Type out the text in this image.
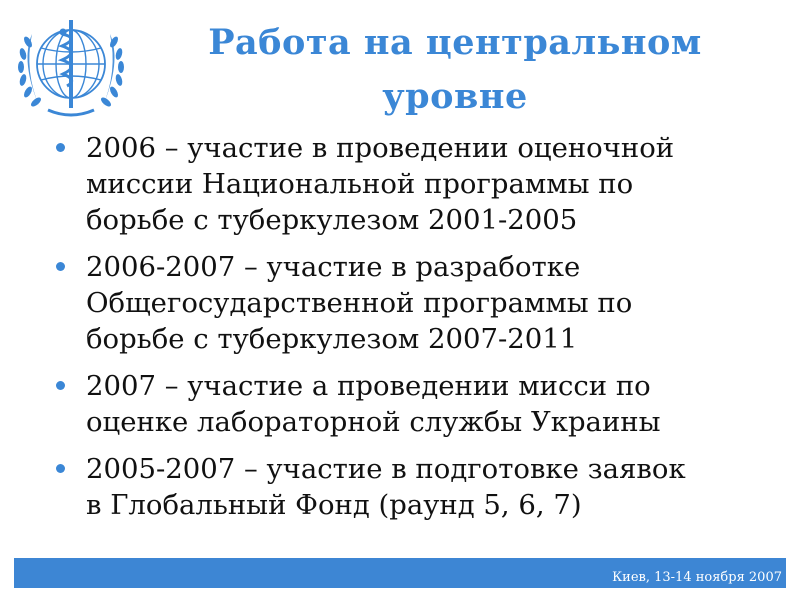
Работа на центральном
уровне
2006 – участие в проведении оценочной
миссии Национальной программы по
борьбе с туберкулезом 2001-2005
2006-2007 – участие в разработке
Общегосударственной программы по
борьбе с туберкулезом 2007-2011
2007 – участие а проведении мисси по
оценке лабораторной службы Украины
2005-2007 – участие в подготовке заявок
в Глобальный Фонд (раунд 5, 6, 7)
Киев, 13-14 ноября 2007
